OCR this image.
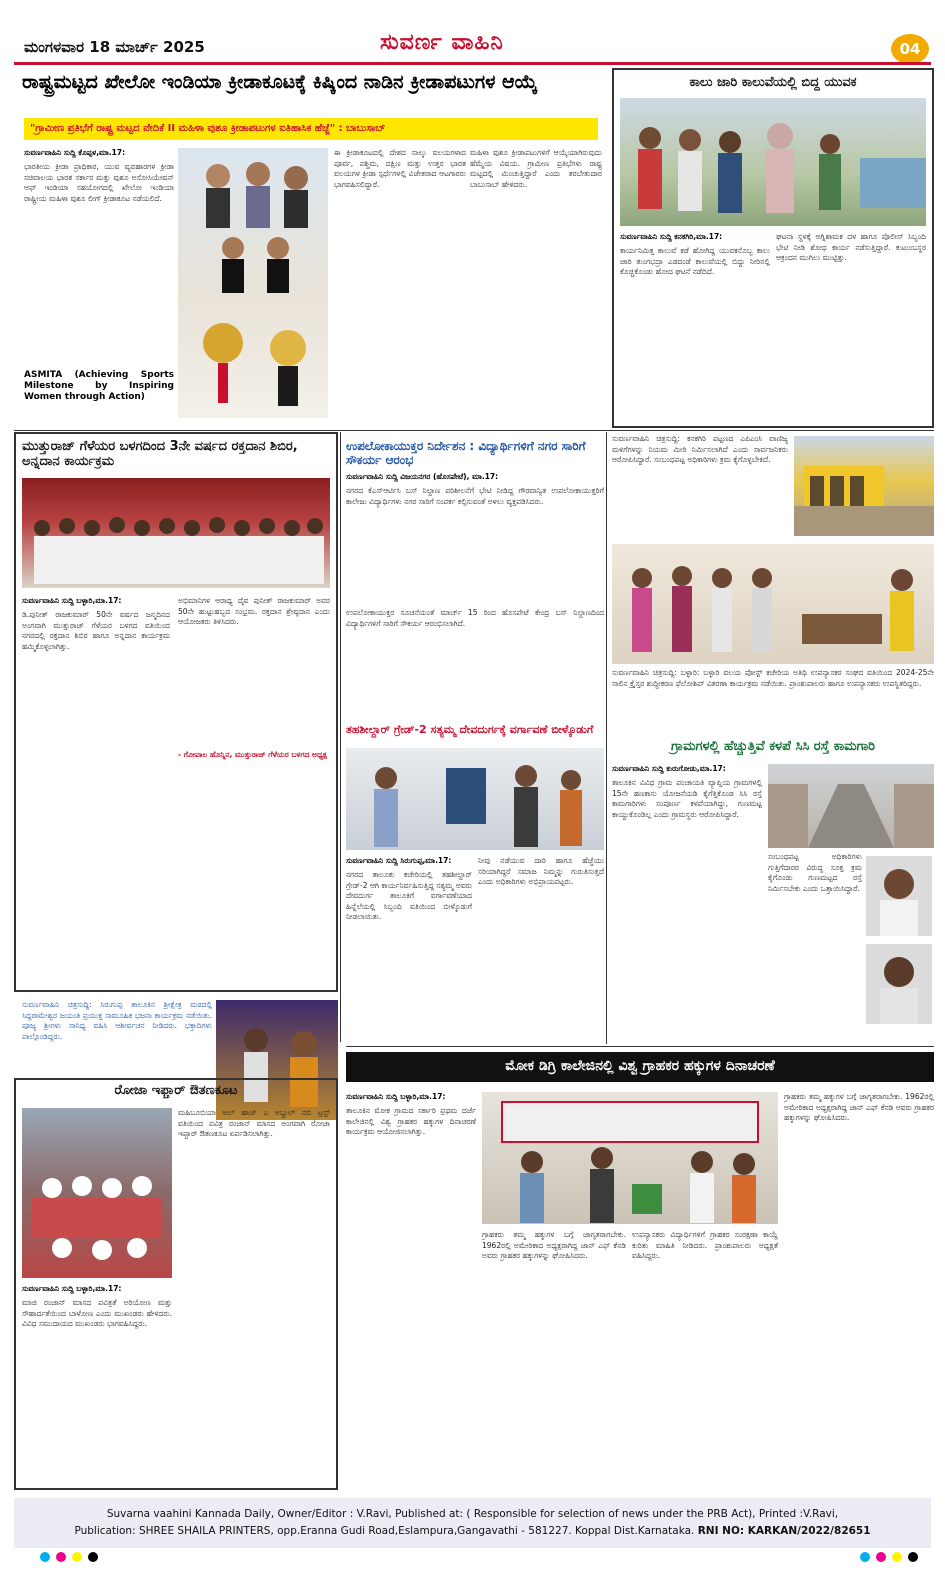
ಮಂಗಳವಾರ 18 ಮಾರ್ಚ್ 2025	ಸುವರ್ಣ ವಾಹಿನಿ	04
ರಾಷ್ಟ್ರಮಟ್ಟದ ಖೇಲೋ ಇಂಡಿಯಾ ಕ್ರೀಡಾಕೂಟಕ್ಕೆ ಕಿಷ್ಕಿಂದ ನಾಡಿನ ಕ್ರೀಡಾಪಟುಗಳ ಆಯ್ಕೆ
"ಗ್ರಾಮೀಣ ಪ್ರತಿಭೆಗೆ ರಾಷ್ಟ್ರ ಮಟ್ಟದ ವೇದಿಕೆ II ಮಹಿಳಾ ವುಶೂ ಕ್ರೀಡಾಪಟುಗಳ ಐತಿಹಾಸಿಕ ಹೆಜ್ಜೆ" : ಬಾಬುಸಾಬ್
ಸುವರ್ಣವಾಹಿನಿ ಸುದ್ದಿ ಕೊಪ್ಪಳ,ಮಾ.17:
ಭಾರತೀಯ ಕ್ರೀಡಾ ಪ್ರಾಧಿಕಾರ, ಯುವ ವ್ಯವಹಾರಗಳ ಕ್ರೀಡಾ ಸಚಿವಾಲಯ ಭಾರತ ಸರ್ಕಾರ ಮತ್ತು ವುಶೂ ಅಸೋಸಿಯೇಷನ್ ಆಫ್ ಇಂಡಿಯಾ ಸಹಯೋಗದಲ್ಲಿ ಖೇಲೋ ಇಂಡಿಯಾ ರಾಷ್ಟ್ರೀಯ ಮಹಿಳಾ ವುಶೂ ಲೀಗ್ ಕ್ರೀಡಾಕೂಟ ನಡೆಯಲಿದೆ.
ASMITA (Achieving Sports Milestone by Inspiring Women through Action)
ಈ ಕ್ರೀಡಾಕೂಟದಲ್ಲಿ ದೇಶದ ನಾಲ್ಕು ವಲಯಗಳಾದ ಪೂರ್ವ, ಪಶ್ಚಿಮ, ದಕ್ಷಿಣ ಮತ್ತು ಉತ್ತರ ಭಾರತ ವಲಯಗಳ ಕ್ರೀಡಾ ಸ್ಪರ್ಧೆಗಳಲ್ಲಿ ವಿಜೇತರಾದ ಆಟಗಾರರು ಭಾಗವಹಿಸಲಿದ್ದಾರೆ.
ಮಹಿಳಾ ವುಶೂ ಕ್ರೀಡಾಪಟುಗಳಿಗೆ ಆಯ್ಕೆಯಾಗಿರುವುದು ಹೆಮ್ಮೆಯ ವಿಷಯ. ಗ್ರಾಮೀಣ ಪ್ರತಿಭೆಗಳು ರಾಷ್ಟ್ರ ಮಟ್ಟದಲ್ಲಿ ಮಿಂಚುತ್ತಿದ್ದಾರೆ ಎಂದು ತರಬೇತುದಾರ ಬಾಬುಸಾಬ್ ಹೇಳಿದರು.
ಕಾಲು ಜಾರಿ ಕಾಲುವೆಯಲ್ಲಿ ಬಿದ್ದ ಯುವಕ
ಸುವರ್ಣವಾಹಿನಿ ಸುದ್ದಿ ಕನಕಗಿರಿ,ಮಾ.17:
ಕಾರ್ಯನಿಮಿತ್ತ ಕಾಲುವೆ ಕಡೆ ಹೋಗಿದ್ದ ಯುವಕನೊಬ್ಬ ಕಾಲು ಜಾರಿ ತುಂಗಭದ್ರಾ ಎಡದಂಡೆ ಕಾಲುವೆಯಲ್ಲಿ ಬಿದ್ದು ನೀರಿನಲ್ಲಿ ಕೊಚ್ಚಿಕೊಂಡು ಹೋದ ಘಟನೆ ನಡೆದಿದೆ.
ಘಟನಾ ಸ್ಥಳಕ್ಕೆ ಅಗ್ನಿಶಾಮಕ ದಳ ಹಾಗೂ ಪೊಲೀಸ್ ಸಿಬ್ಬಂದಿ ಭೇಟಿ ನೀಡಿ ಶೋಧ ಕಾರ್ಯ ನಡೆಸುತ್ತಿದ್ದಾರೆ. ಕುಟುಂಬಸ್ಥರ ಆಕ್ರಂದನ ಮುಗಿಲು ಮುಟ್ಟಿತ್ತು.
ಮುತ್ತುರಾಜ್ ಗೆಳೆಯರ ಬಳಗದಿಂದ 3ನೇ ವರ್ಷದ ರಕ್ತದಾನ ಶಿಬಿರ, ಅನ್ನದಾನ ಕಾರ್ಯಕ್ರಮ
ಸುವರ್ಣವಾಹಿನಿ ಸುದ್ದಿ ಬಳ್ಳಾರಿ,ಮಾ.17:
ಡಿ.ಪುನೀತ್ ರಾಜಕುಮಾರ್ 50ನೇ ವರ್ಷದ ಜನ್ಮದಿನದ ಅಂಗವಾಗಿ ಮುತ್ತುರಾಜ್ ಗೆಳೆಯರ ಬಳಗದ ವತಿಯಿಂದ ನಗರದಲ್ಲಿ ರಕ್ತದಾನ ಶಿಬಿರ ಹಾಗೂ ಅನ್ನದಾನ ಕಾರ್ಯಕ್ರಮ ಹಮ್ಮಿಕೊಳ್ಳಲಾಗಿತ್ತು.
ಅಭಿಮಾನಿಗಳ ಆರಾಧ್ಯ ದೈವ ಪುನೀತ್ ರಾಜಕುಮಾರ್ ಅವರ 50ನೇ ಹುಟ್ಟುಹಬ್ಬದ ಸಂಭ್ರಮ. ರಕ್ತದಾನ ಶ್ರೇಷ್ಠದಾನ ಎಂದು ಆಯೋಜಕರು ತಿಳಿಸಿದರು.
- ಗೋಪಾಲ ಹೊನ್ನಿನ, ಮುತ್ತುರಾಜ್ ಗೆಳೆಯರ ಬಳಗದ ಅಧ್ಯಕ್ಷ
ಉಪಲೋಕಾಯುಕ್ತರ ನಿರ್ದೇಶನ : ವಿದ್ಯಾರ್ಥಿಗಳಿಗೆ ನಗರ ಸಾರಿಗೆ ಸೌಕರ್ಯ ಆರಂಭ
ಸುವರ್ಣವಾಹಿನಿ ಸುದ್ದಿ ವಿಜಯನಗರ (ಹೊಸಪೇಟೆ), ಮಾ.17:
ನಗರದ ಕೆಎಸ್ಆರ್ಟಿಸಿ ಬಸ್ ನಿಲ್ದಾಣ ಪರಿಶೀಲನೆಗೆ ಭೇಟಿ ನೀಡಿದ್ದ ಗೌರವಾನ್ವಿತ ಉಪಲೋಕಾಯುಕ್ತರಿಗೆ ಕಾಲೇಜು ವಿದ್ಯಾರ್ಥಿಗಳು ನಗರ ಸಾರಿಗೆ ಸಂಪರ್ಕ ಕಲ್ಪಿಸುವಂತೆ ಅಳಲು ವ್ಯಕ್ತಪಡಿಸಿದರು.
ಉಪಲೋಕಾಯುಕ್ತರ ಸೂಚನೆಯಂತೆ ಮಾರ್ಚ್ 15 ರಿಂದ ಹೊಸಪೇಟೆ ಕೇಂದ್ರ ಬಸ್ ನಿಲ್ದಾಣದಿಂದ ವಿದ್ಯಾರ್ಥಿಗಳಿಗೆ ಸಾರಿಗೆ ಸೌಕರ್ಯ ಆರಂಭಿಸಲಾಗಿದೆ.
ತಹಶೀಲ್ದಾರ್ ಗ್ರೇಡ್-2 ಸತ್ಯಮ್ಮ ದೇವದುರ್ಗಕ್ಕೆ ವರ್ಗಾವಣೆ ಬೀಳ್ಕೊಡುಗೆ
ಸುವರ್ಣವಾಹಿನಿ ಸುದ್ದಿ ಸಿರುಗುಪ್ಪ,ಮಾ.17:
ನಗರದ ತಾಲೂಕು ಕಚೇರಿಯಲ್ಲಿ ತಹಶೀಲ್ದಾರ್ ಗ್ರೇಡ್-2 ಆಗಿ ಕಾರ್ಯನಿರ್ವಹಿಸುತ್ತಿದ್ದ ಸತ್ಯಮ್ಮ ಅವರು ದೇವದುರ್ಗ ತಾಲೂಕಿಗೆ ವರ್ಗಾವಣೆಯಾದ ಹಿನ್ನೆಲೆಯಲ್ಲಿ ಸಿಬ್ಬಂದಿ ವತಿಯಿಂದ ಬೀಳ್ಕೊಡುಗೆ ನೀಡಲಾಯಿತು.
ನೀವು ನಡೆಯುವ ದಾರಿ ಹಾಗೂ ಹೆಜ್ಜೆಯು ಸರಿಯಾಗಿದ್ದರೆ ಸಮಾಜ ನಿಮ್ಮನ್ನು ಗುರುತಿಸುತ್ತದೆ ಎಂದು ಅಧಿಕಾರಿಗಳು ಅಭಿಪ್ರಾಯಪಟ್ಟರು.
ಸುವರ್ಣವಾಹಿನಿ ಚಿತ್ರಸುದ್ದಿ: ಕನಕಗಿರಿ ಪಟ್ಟಣದ ಎಪಿಎಂಸಿ ವಾಣಿಜ್ಯ ಮಳಿಗೆಗಳನ್ನು ನಿಯಮ ಮೀರಿ ನಿರ್ಮಿಸಲಾಗಿದೆ ಎಂದು ಸಾರ್ವಜನಿಕರು ಆರೋಪಿಸಿದ್ದಾರೆ. ಸಂಬಂಧಪಟ್ಟ ಅಧಿಕಾರಿಗಳು ಕ್ರಮ ಕೈಗೊಳ್ಳಬೇಕಿದೆ.
ಸುವರ್ಣವಾಹಿನಿ ಚಿತ್ರಸುದ್ದಿ: ಬಳ್ಳಾರಿ: ಬಳ್ಳಾರಿ ವಲಯ ಪೋಸ್ಟ್ ಕಚೇರಿಯ ಅತಿಥಿ ಉಪನ್ಯಾಸಕರ ಸಂಘದ ವತಿಯಿಂದ 2024-25ನೇ ಸಾಲಿನ ಕ್ರೈಸ್ತರ ಶುದ್ಧೀಕರಣ ಫೆಲೋಶಿಪ್ ವಿತರಣಾ ಕಾರ್ಯಕ್ರಮ ನಡೆಯಿತು. ಪ್ರಾಂಶುಪಾಲರು ಹಾಗೂ ಉಪನ್ಯಾಸಕರು ಉಪಸ್ಥಿತರಿದ್ದರು.
ಗ್ರಾಮಗಳಲ್ಲಿ ಹೆಚ್ಚುತ್ತಿವೆ ಕಳಪೆ ಸಿಸಿ ರಸ್ತೆ ಕಾಮಗಾರಿ
ಸುವರ್ಣವಾಹಿನಿ ಸುದ್ದಿ ಕುರುಗೋಡು,ಮಾ.17:
ತಾಲೂಕಿನ ವಿವಿಧ ಗ್ರಾಮ ಪಂಚಾಯತಿ ವ್ಯಾಪ್ತಿಯ ಗ್ರಾಮಗಳಲ್ಲಿ 15ನೇ ಹಣಕಾಸು ಯೋಜನೆಯಡಿ ಕೈಗೆತ್ತಿಕೊಂಡ ಸಿಸಿ ರಸ್ತೆ ಕಾಮಗಾರಿಗಳು ಸಂಪೂರ್ಣ ಕಳಪೆಯಾಗಿದ್ದು, ಗುಣಮಟ್ಟ ಕಾಯ್ದುಕೊಂಡಿಲ್ಲ ಎಂದು ಗ್ರಾಮಸ್ಥರು ಆರೋಪಿಸಿದ್ದಾರೆ.
ಸಂಬಂಧಪಟ್ಟ ಅಧಿಕಾರಿಗಳು ಗುತ್ತಿಗೆದಾರರ ವಿರುದ್ಧ ಸೂಕ್ತ ಕ್ರಮ ಕೈಗೊಂಡು ಗುಣಮಟ್ಟದ ರಸ್ತೆ ನಿರ್ಮಿಸಬೇಕು ಎಂದು ಒತ್ತಾಯಿಸಿದ್ದಾರೆ.
ಸುವರ್ಣವಾಹಿನಿ ಚಿತ್ರಸುದ್ದಿ: ಸಿರುಗುಪ್ಪ ತಾಲೂಕಿನ ಶ್ರೀಕ್ಷೇತ್ರ ಮಠದಲ್ಲಿ ಸಿದ್ದರಾಮೇಶ್ವರ ಜಯಂತಿ ಪ್ರಯುಕ್ತ ಸಾಮೂಹಿಕ ಭಜನಾ ಕಾರ್ಯಕ್ರಮ ನಡೆಯಿತು. ಪೂಜ್ಯ ಶ್ರೀಗಳು ಸಾನಿಧ್ಯ ವಹಿಸಿ ಆಶೀರ್ವಚನ ನೀಡಿದರು. ಭಕ್ತಾದಿಗಳು ಪಾಲ್ಗೊಂಡಿದ್ದರು.
ರೋಜಾ ಇಫ್ತಾರ್ ಔತಣಕೂಟ
ಮಹಿಬೂಬಿಯಾ ಅಲ್ ಹಾಜ್ ಎ ಅಬ್ದುಲ್ ನಬಿ ಟ್ರಸ್ಟ್ ವತಿಯಿಂದ ಪವಿತ್ರ ರಂಜಾನ್ ಮಾಸದ ಅಂಗವಾಗಿ ರೋಜಾ ಇಫ್ತಾರ್ ಔತಣಕೂಟ ಏರ್ಪಡಿಸಲಾಗಿತ್ತು.
ಸುವರ್ಣವಾಹಿನಿ ಸುದ್ದಿ ಬಳ್ಳಾರಿ,ಮಾ.17:
ಮಾಜಿ ರಂಜಾನ್ ಮಾಸದ ಪವಿತ್ರತೆ ಅರಿಯೋಣ ಮತ್ತು ಸೌಹಾರ್ದತೆಯಿಂದ ಬಾಳೋಣ ಎಂದು ಮುಖಂಡರು ಹೇಳಿದರು. ವಿವಿಧ ಸಮುದಾಯದ ಮುಖಂಡರು ಭಾಗವಹಿಸಿದ್ದರು.
ಮೋಕ ಡಿಗ್ರಿ ಕಾಲೇಜಿನಲ್ಲಿ ವಿಶ್ವ ಗ್ರಾಹಕರ ಹಕ್ಕುಗಳ ದಿನಾಚರಣೆ
ಸುವರ್ಣವಾಹಿನಿ ಸುದ್ದಿ ಬಳ್ಳಾರಿ,ಮಾ.17:
ತಾಲೂಕಿನ ಮೋಕ ಗ್ರಾಮದ ಸರ್ಕಾರಿ ಪ್ರಥಮ ದರ್ಜೆ ಕಾಲೇಜಿನಲ್ಲಿ ವಿಶ್ವ ಗ್ರಾಹಕರ ಹಕ್ಕುಗಳ ದಿನಾಚರಣೆ ಕಾರ್ಯಕ್ರಮ ಆಯೋಜಿಸಲಾಗಿತ್ತು.
ಗ್ರಾಹಕರು ತಮ್ಮ ಹಕ್ಕುಗಳ ಬಗ್ಗೆ ಜಾಗೃತರಾಗಬೇಕು. 1962ರಲ್ಲಿ ಅಮೇರಿಕಾದ ಅಧ್ಯಕ್ಷರಾಗಿದ್ದ ಜಾನ್ ಎಫ್ ಕೆನಡಿ ಅವರು ಗ್ರಾಹಕರ ಹಕ್ಕುಗಳನ್ನು ಘೋಷಿಸಿದರು.
ಉಪನ್ಯಾಸಕರು ವಿದ್ಯಾರ್ಥಿಗಳಿಗೆ ಗ್ರಾಹಕರ ಸಂರಕ್ಷಣಾ ಕಾಯ್ದೆ ಕುರಿತು ಮಾಹಿತಿ ನೀಡಿದರು. ಪ್ರಾಂಶುಪಾಲರು ಅಧ್ಯಕ್ಷತೆ ವಹಿಸಿದ್ದರು.
ಗ್ರಾಹಕರು ತಮ್ಮ ಹಕ್ಕುಗಳ ಬಗ್ಗೆ ಜಾಗೃತರಾಗಬೇಕು. 1962ರಲ್ಲಿ ಅಮೇರಿಕಾದ ಅಧ್ಯಕ್ಷರಾಗಿದ್ದ ಜಾನ್ ಎಫ್ ಕೆನಡಿ ಅವರು ಗ್ರಾಹಕರ ಹಕ್ಕುಗಳನ್ನು ಘೋಷಿಸಿದರು.
Suvarna vaahini Kannada Daily, Owner/Editor : V.Ravi, Published at: ( Responsible for selection of news under the PRB Act), Printed :V.Ravi,
Publication: SHREE SHAILA PRINTERS, opp.Eranna Gudi Road,Eslampura,Gangavathi - 581227. Koppal Dist.Karnataka. RNI NO: KARKAN/2022/82651
